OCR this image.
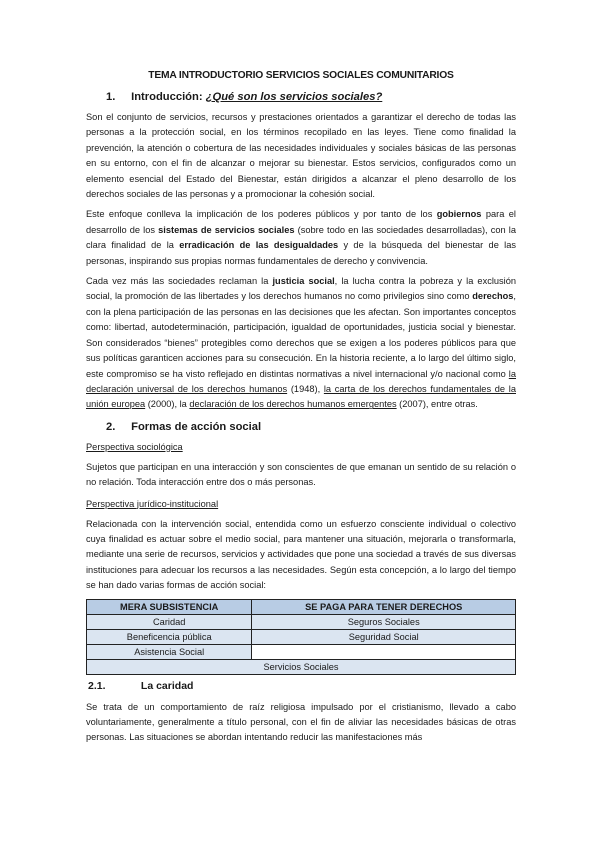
TEMA INTRODUCTORIO SERVICIOS SOCIALES COMUNITARIOS
1. Introducción: ¿Qué son los servicios sociales?

Son el conjunto de servicios, recursos y prestaciones orientados a garantizar el derecho de todas las personas a la protección social, en los términos recopilado en las leyes. Tiene como finalidad la prevención, la atención o cobertura de las necesidades individuales y sociales básicas de las personas en su entorno, con el fin de alcanzar o mejorar su bienestar. Estos servicios, configurados como un elemento esencial del Estado del Bienestar, están dirigidos a alcanzar el pleno desarrollo de los derechos sociales de las personas y a promocionar la cohesión social.

Este enfoque conlleva la implicación de los poderes públicos y por tanto de los gobiernos para el desarrollo de los sistemas de servicios sociales (sobre todo en las sociedades desarrolladas), con la clara finalidad de la erradicación de las desigualdades y de la búsqueda del bienestar de las personas, inspirando sus propias normas fundamentales de derecho y convivencia.

Cada vez más las sociedades reclaman la justicia social, la lucha contra la pobreza y la exclusión social, la promoción de las libertades y los derechos humanos no como privilegios sino como derechos, con la plena participación de las personas en las decisiones que les afectan. Son importantes conceptos como: libertad, autodeterminación, participación, igualdad de oportunidades, justicia social y bienestar. Son considerados “bienes” protegibles como derechos que se exigen a los poderes públicos para que sus políticas garanticen acciones para su consecución. En la historia reciente, a lo largo del último siglo, este compromiso se ha visto reflejado en distintas normativas a nivel internacional y/o nacional como la declaración universal de los derechos humanos (1948), la carta de los derechos fundamentales de la unión europea (2000), la declaración de los derechos humanos emergentes (2007), entre otras.

2. Formas de acción social
Perspectiva sociológica

Sujetos que participan en una interacción y son conscientes de que emanan un sentido de su relación o no relación. Toda interacción entre dos o más personas.

Perspectiva jurídico-institucional

Relacionada con la intervención social, entendida como un esfuerzo consciente individual o colectivo cuya finalidad es actuar sobre el medio social, para mantener una situación, mejorarla o transformarla, mediante una serie de recursos, servicios y actividades que pone una sociedad a través de sus diversas instituciones para adecuar los recursos a las necesidades. Según esta concepción, a lo largo del tiempo se han dado varias formas de acción social:

MERA SUBSISTENCIA	SE PAGA PARA TENER DERECHOS
Caridad	Seguros Sociales
Beneficencia pública	Seguridad Social
Asistencia Social	
Servicios Sociales	
2.1.	La caridad

Se trata de un comportamiento de raíz religiosa impulsado por el cristianismo, llevado a cabo voluntariamente, generalmente a título personal, con el fin de aliviar las necesidades básicas de otras personas. Las situaciones se abordan intentando reducir las manifestaciones más
